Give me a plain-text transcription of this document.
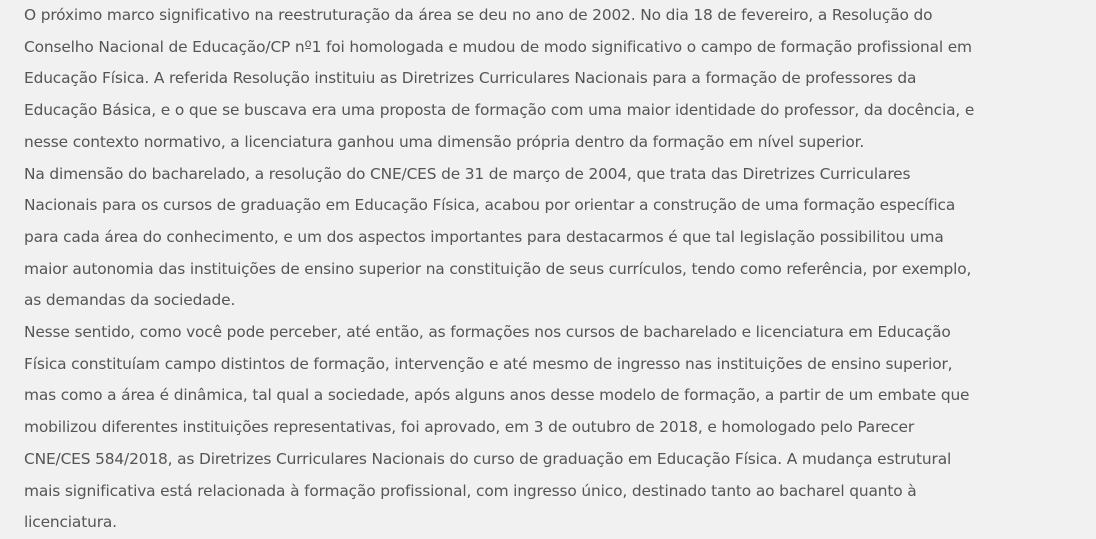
O próximo marco significativo na reestruturação da área se deu no ano de 2002. No dia 18 de fevereiro, a Resolução do
Conselho Nacional de Educação/CP nº1 foi homologada e mudou de modo significativo o campo de formação profissional em
Educação Física. A referida Resolução instituiu as Diretrizes Curriculares Nacionais para a formação de professores da
Educação Básica, e o que se buscava era uma proposta de formação com uma maior identidade do professor, da docência, e
nesse contexto normativo, a licenciatura ganhou uma dimensão própria dentro da formação em nível superior.
Na dimensão do bacharelado, a resolução do CNE/CES de 31 de março de 2004, que trata das Diretrizes Curriculares
Nacionais para os cursos de graduação em Educação Física, acabou por orientar a construção de uma formação específica
para cada área do conhecimento, e um dos aspectos importantes para destacarmos é que tal legislação possibilitou uma
maior autonomia das instituições de ensino superior na constituição de seus currículos, tendo como referência, por exemplo,
as demandas da sociedade.
Nesse sentido, como você pode perceber, até então, as formações nos cursos de bacharelado e licenciatura em Educação
Física constituíam campo distintos de formação, intervenção e até mesmo de ingresso nas instituições de ensino superior,
mas como a área é dinâmica, tal qual a sociedade, após alguns anos desse modelo de formação, a partir de um embate que
mobilizou diferentes instituições representativas, foi aprovado, em 3 de outubro de 2018, e homologado pelo Parecer
CNE/CES 584/2018, as Diretrizes Curriculares Nacionais do curso de graduação em Educação Física. A mudança estrutural
mais significativa está relacionada à formação profissional, com ingresso único, destinado tanto ao bacharel quanto à
licenciatura.
